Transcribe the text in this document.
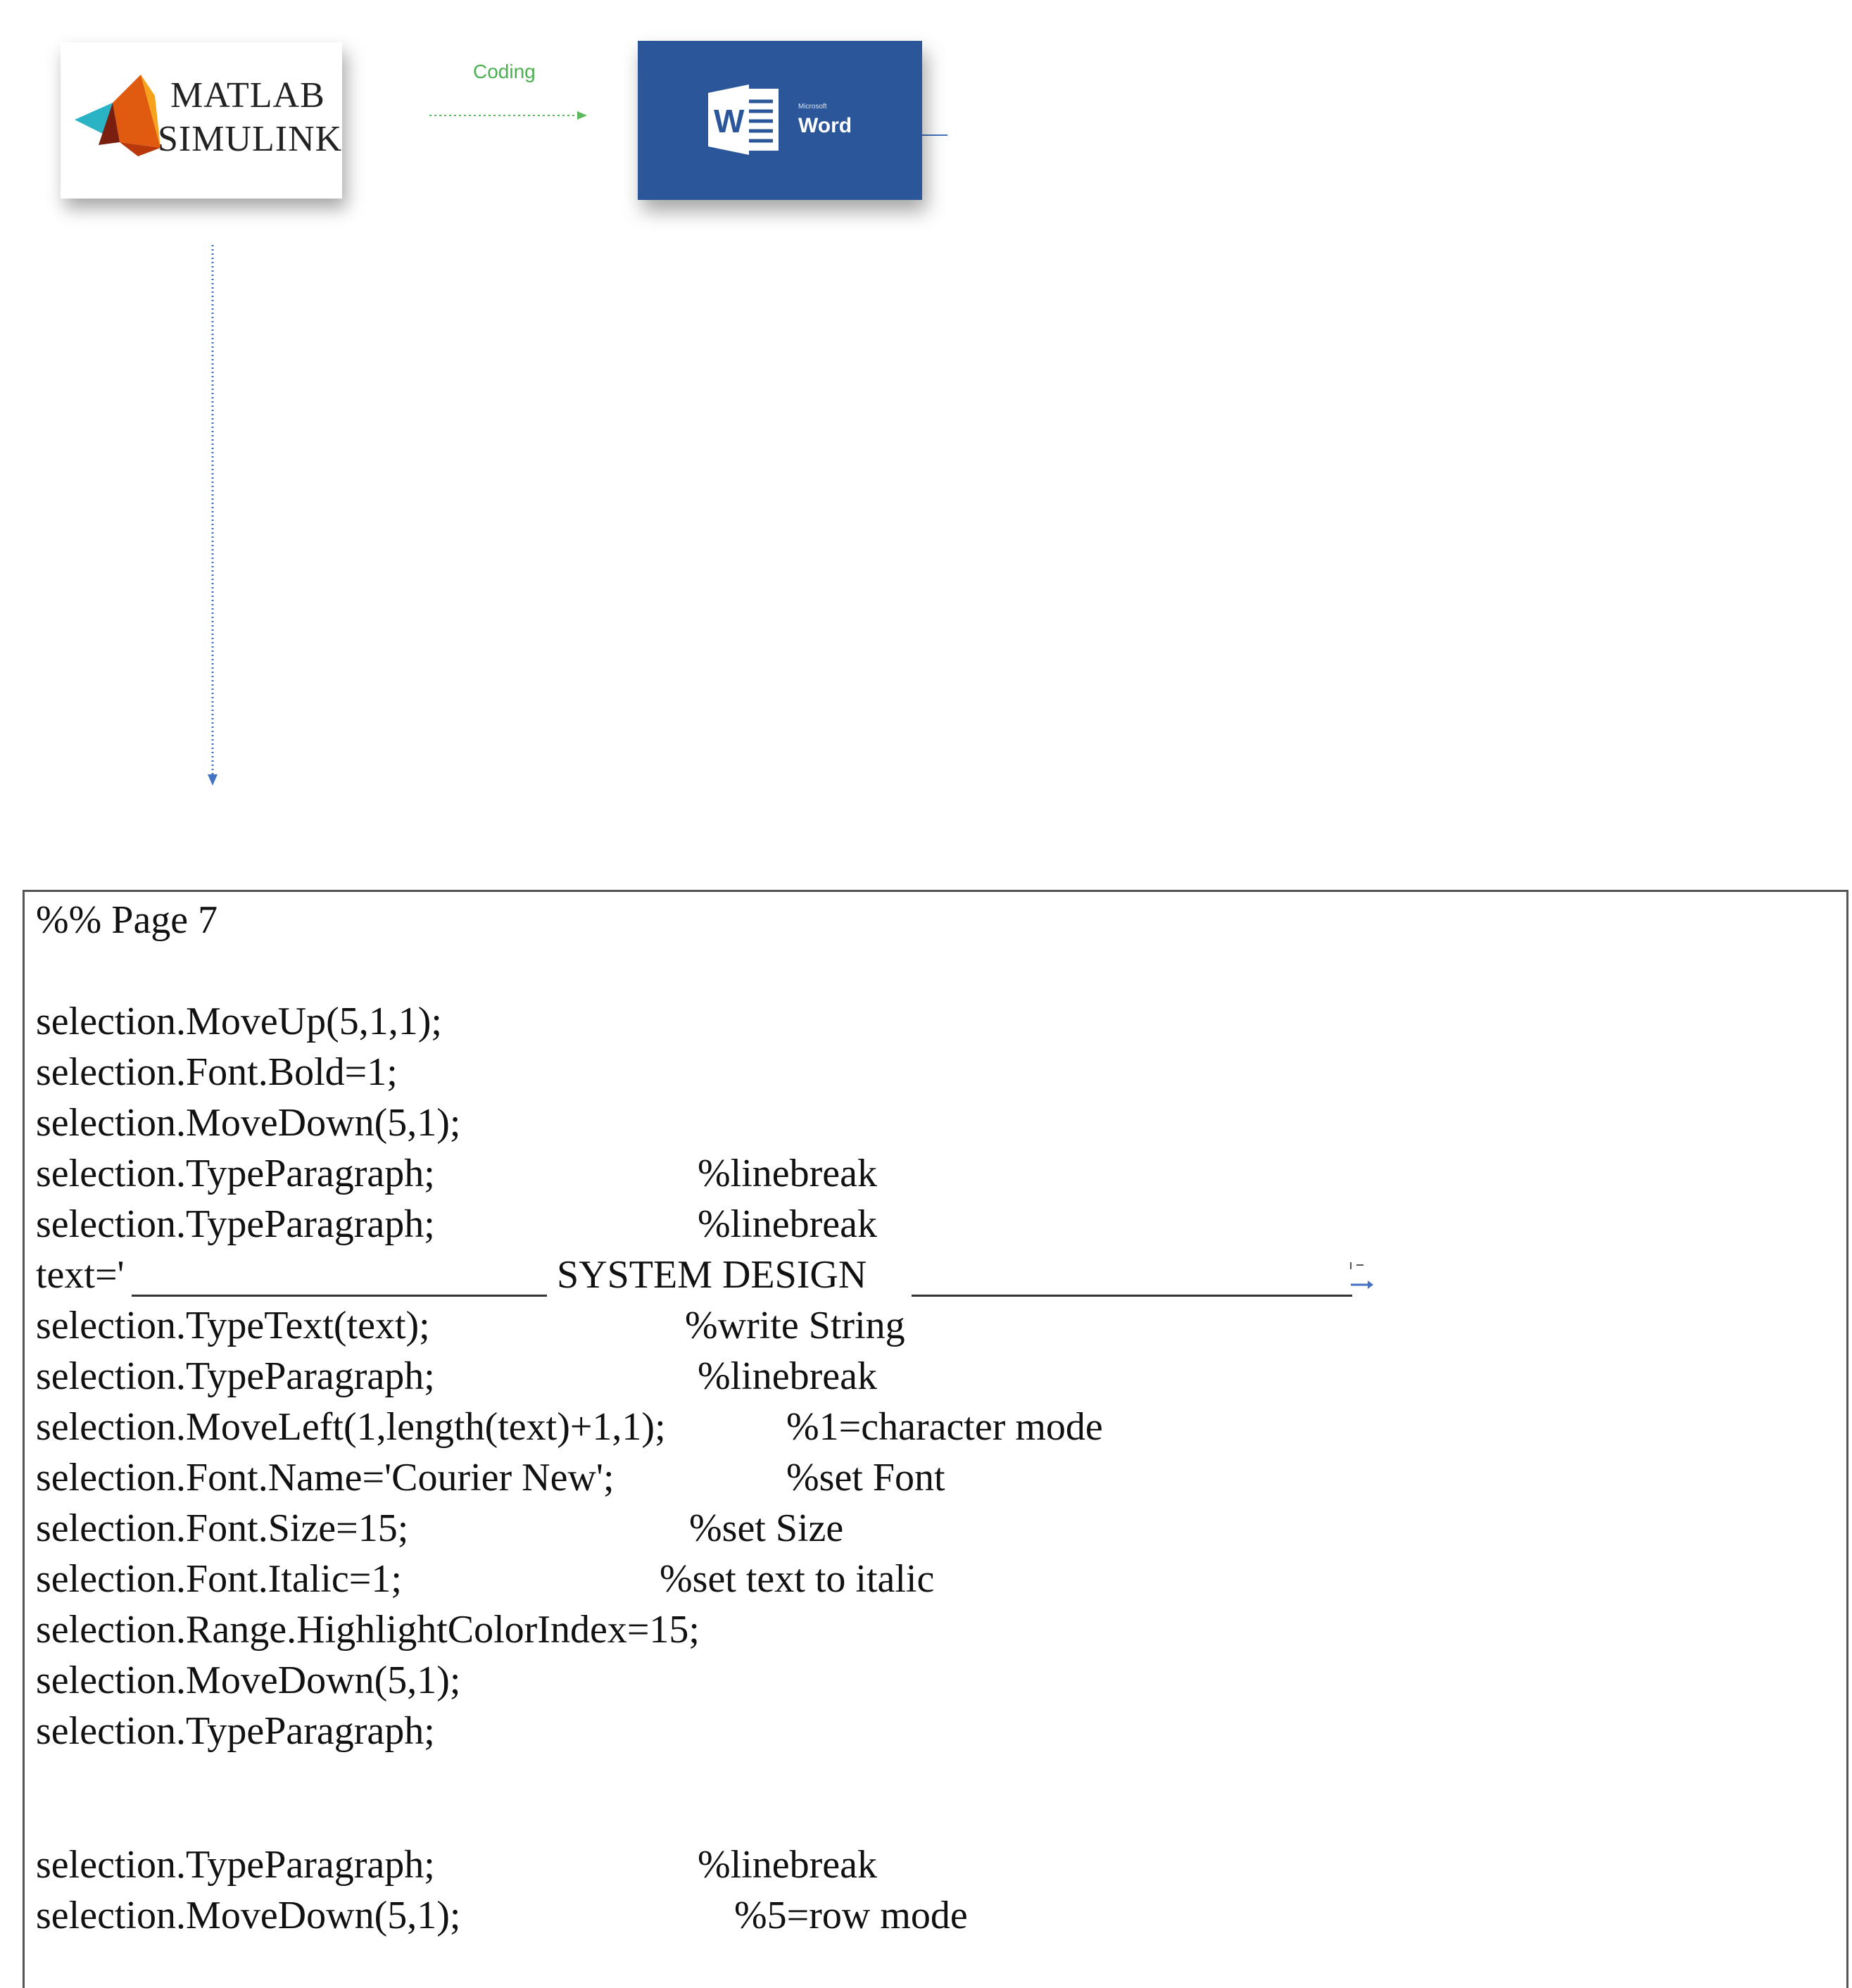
MATLAB
SIMULINK
Coding
W	Microsoft
Word
%% Page 7
selection.MoveUp(5,1,1);
selection.Font.Bold=1;
selection.MoveDown(5,1);
selection.TypeParagraph;	%linebreak
selection.TypeParagraph;	%linebreak
text='	SYSTEM DESIGN
selection.TypeText(text);	%write String
selection.TypeParagraph;	%linebreak
selection.MoveLeft(1,length(text)+1,1);	%1=character mode
selection.Font.Name='Courier New';	%set Font
selection.Font.Size=15;	%set Size
selection.Font.Italic=1;	%set text to italic
selection.Range.HighlightColorIndex=15;
selection.MoveDown(5,1);
selection.TypeParagraph;
selection.TypeParagraph;	%linebreak
selection.MoveDown(5,1);	%5=row mode
